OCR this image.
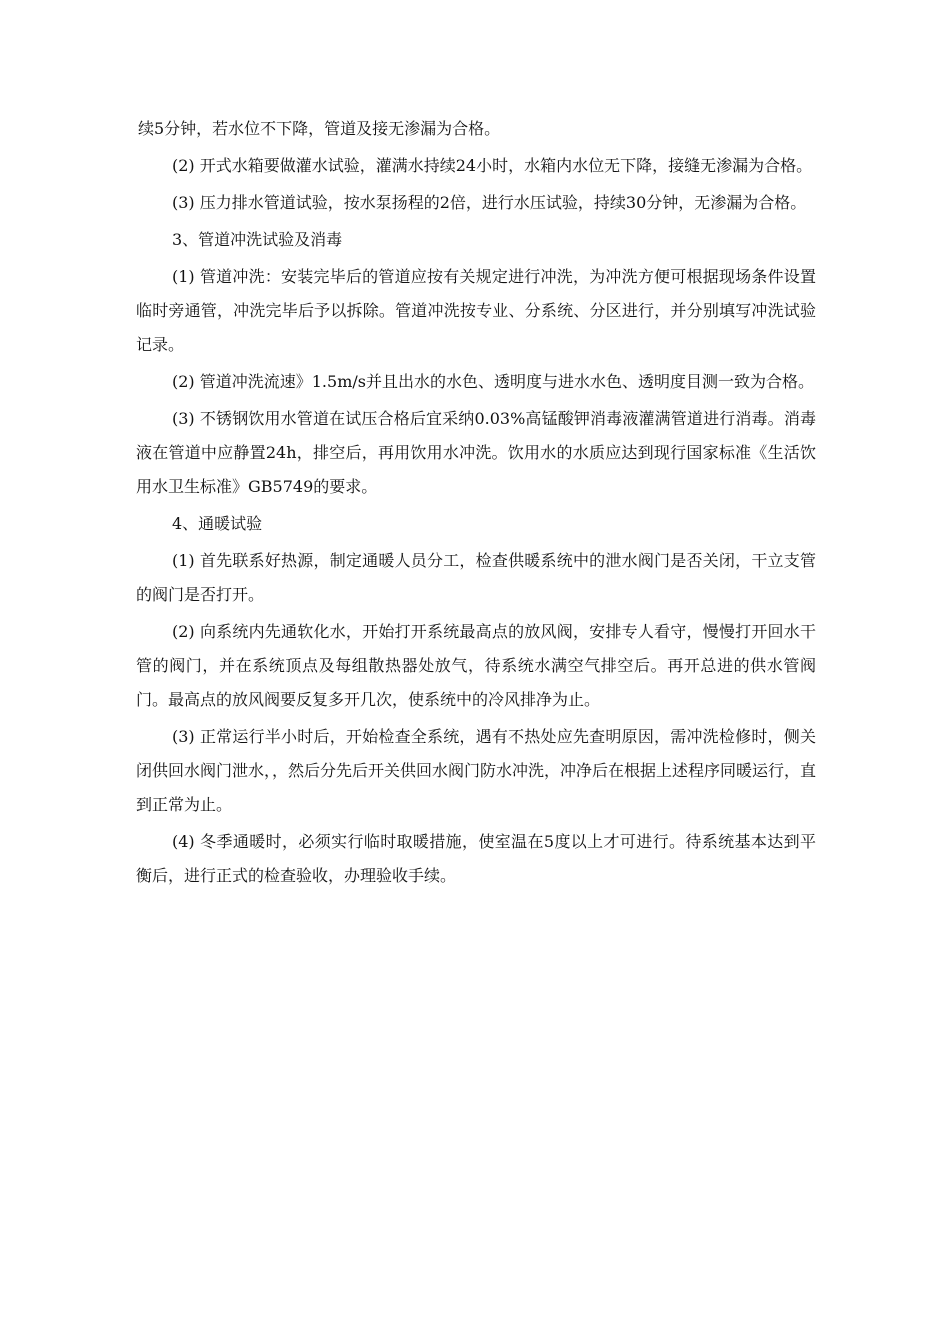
续5分钟，若水位不下降，管道及接无渗漏为合格。

(2) 开式水箱要做灌水试验，灌满水持续24小时，水箱内水位无下降，接缝无渗漏为合格。

(3) 压力排水管道试验，按水泵扬程的2倍，进行水压试验，持续30分钟，无渗漏为合格。

3、管道冲洗试验及消毒

(1) 管道冲洗：安装完毕后的管道应按有关规定进行冲洗，为冲洗方便可根据现场条件设置临时旁通管，冲洗完毕后予以拆除。管道冲洗按专业、分系统、分区进行，并分别填写冲洗试验记录。

(2) 管道冲洗流速》1.5m/s并且出水的水色、透明度与进水水色、透明度目测一致为合格。

(3) 不锈钢饮用水管道在试压合格后宜采纳0.03%高锰酸钾消毒液灌满管道进行消毒。消毒液在管道中应静置24h，排空后，再用饮用水冲洗。饮用水的水质应达到现行国家标准《生活饮用水卫生标准》GB5749的要求。

4、通暖试验

(1) 首先联系好热源，制定通暖人员分工，检查供暖系统中的泄水阀门是否关闭，干立支管的阀门是否打开。

(2) 向系统内先通软化水，开始打开系统最高点的放风阀，安排专人看守，慢慢打开回水干管的阀门，并在系统顶点及每组散热器处放气，待系统水满空气排空后。再开总进的供水管阀门。最高点的放风阀要反复多开几次，使系统中的冷风排净为止。

(3) 正常运行半小时后，开始检查全系统，遇有不热处应先查明原因，需冲洗检修时，侧关闭供回水阀门泄水，，然后分先后开关供回水阀门防水冲洗，冲净后在根据上述程序同暖运行，直到正常为止。

(4) 冬季通暖时，必须实行临时取暖措施，使室温在5度以上才可进行。待系统基本达到平衡后，进行正式的检查验收，办理验收手续。
